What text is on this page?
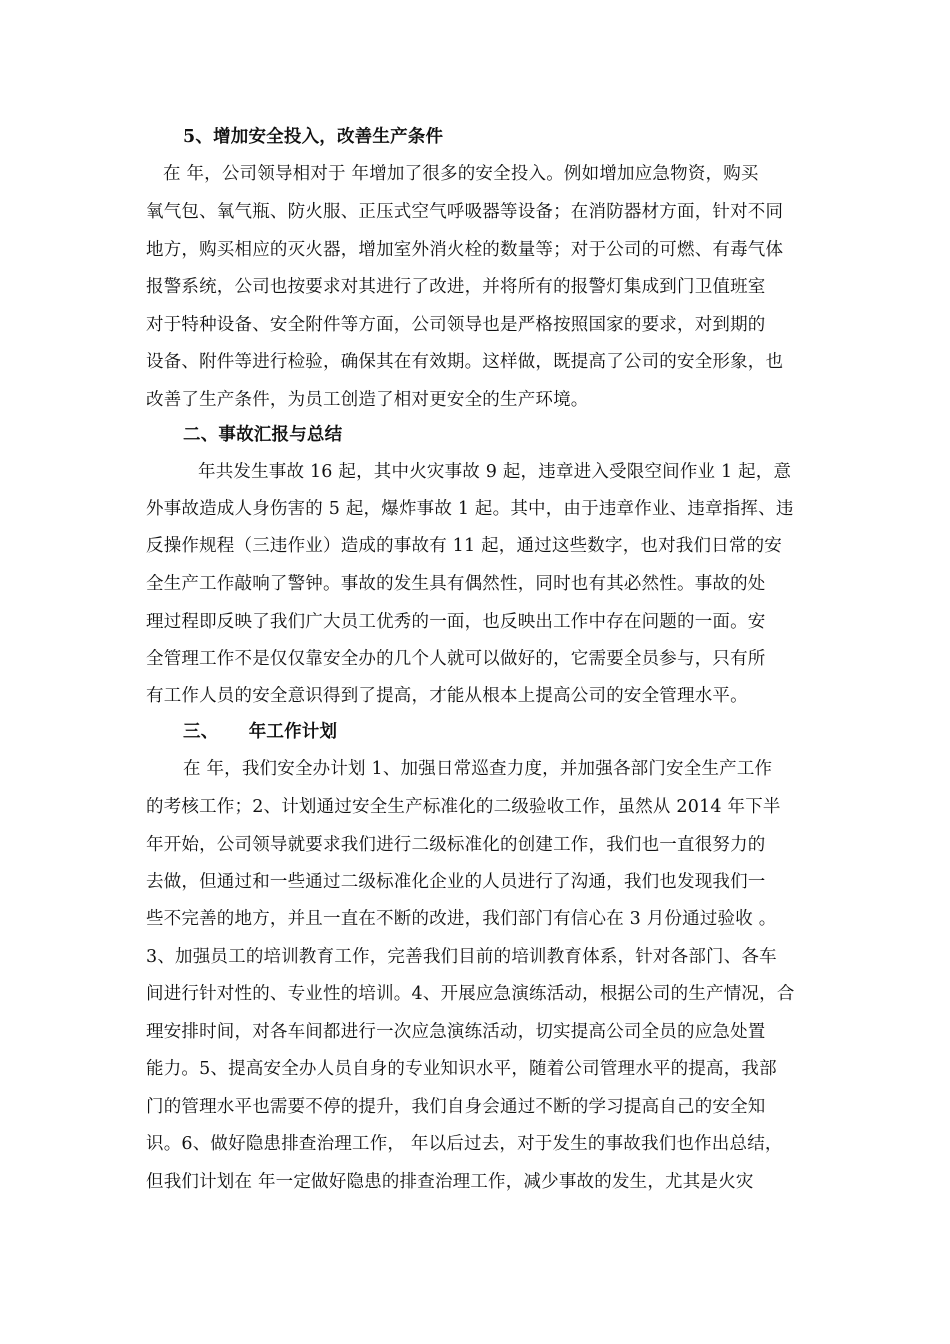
5、增加安全投入，改善生产条件
在 年，公司领导相对于 年增加了很多的安全投入。例如增加应急物资，购买
氧气包、氧气瓶、防火服、正压式空气呼吸器等设备；在消防器材方面，针对不同
地方，购买相应的灭火器，增加室外消火栓的数量等；对于公司的可燃、有毒气体
报警系统，公司也按要求对其进行了改进，并将所有的报警灯集成到门卫值班室
对于特种设备、安全附件等方面，公司领导也是严格按照国家的要求，对到期的
设备、附件等进行检验，确保其在有效期。这样做，既提高了公司的安全形象，也
改善了生产条件，为员工创造了相对更安全的生产环境。
二、事故汇报与总结
年共发生事故 16 起，其中火灾事故 9 起，违章进入受限空间作业 1 起，意
外事故造成人身伤害的 5 起，爆炸事故 1 起。其中，由于违章作业、违章指挥、违
反操作规程（三违作业）造成的事故有 11 起，通过这些数字，也对我们日常的安
全生产工作敲响了警钟。事故的发生具有偶然性，同时也有其必然性。事故的处
理过程即反映了我们广大员工优秀的一面，也反映出工作中存在问题的一面。安
全管理工作不是仅仅靠安全办的几个人就可以做好的，它需要全员参与，只有所
有工作人员的安全意识得到了提高，才能从根本上提高公司的安全管理水平。
三、 年工作计划
在 年，我们安全办计划 1、加强日常巡查力度，并加强各部门安全生产工作
的考核工作；2、计划通过安全生产标准化的二级验收工作，虽然从 2014 年下半
年开始，公司领导就要求我们进行二级标准化的创建工作，我们也一直很努力的
去做，但通过和一些通过二级标准化企业的人员进行了沟通，我们也发现我们一
些不完善的地方，并且一直在不断的改进，我们部门有信心在 3 月份通过验收 。
3、加强员工的培训教育工作，完善我们目前的培训教育体系，针对各部门、各车
间进行针对性的、专业性的培训。4、开展应急演练活动，根据公司的生产情况，合
理安排时间，对各车间都进行一次应急演练活动，切实提高公司全员的应急处置
能力。5、提高安全办人员自身的专业知识水平，随着公司管理水平的提高，我部
门的管理水平也需要不停的提升，我们自身会通过不断的学习提高自己的安全知
识。6、做好隐患排查治理工作， 年以后过去，对于发生的事故我们也作出总结，
但我们计划在 年一定做好隐患的排查治理工作，减少事故的发生，尤其是火灾
